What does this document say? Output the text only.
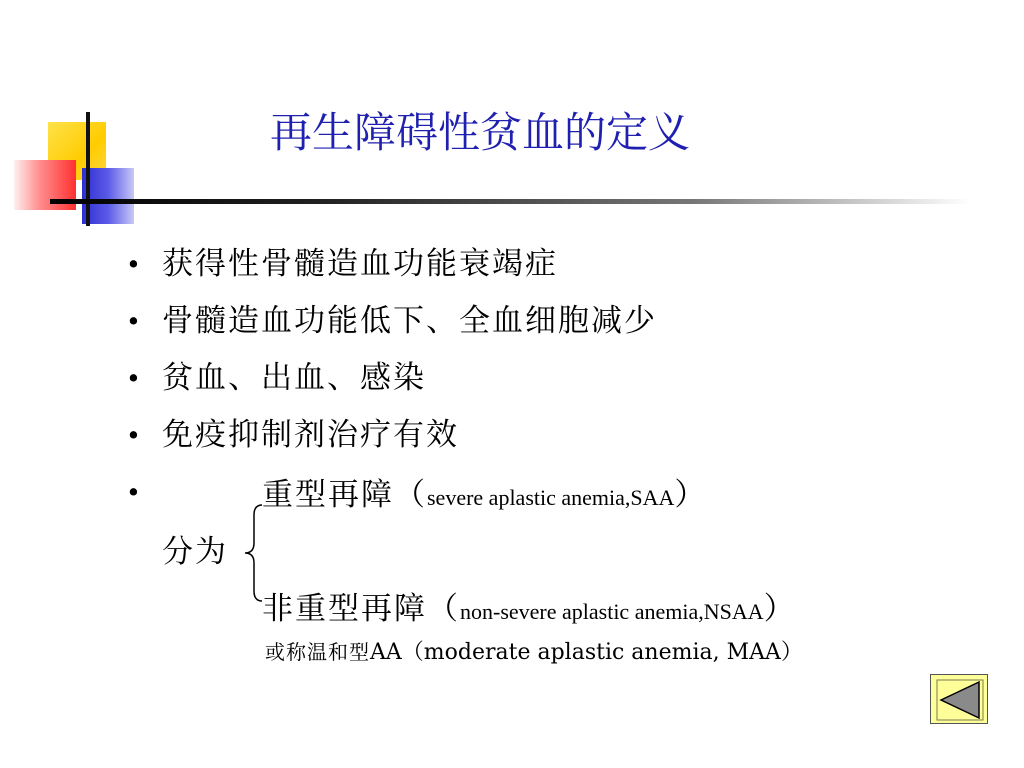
再生障碍性贫血的定义
• 获得性骨髓造血功能衰竭症
• 骨髓造血功能低下、全血细胞减少
• 贫血、出血、感染
• 免疫抑制剂治疗有效
•	重型再障（severe aplastic anemia,SAA）
分为
非重型再障（non-severe aplastic anemia,NSAA）
或称温和型AA（moderate aplastic anemia, MAA）
